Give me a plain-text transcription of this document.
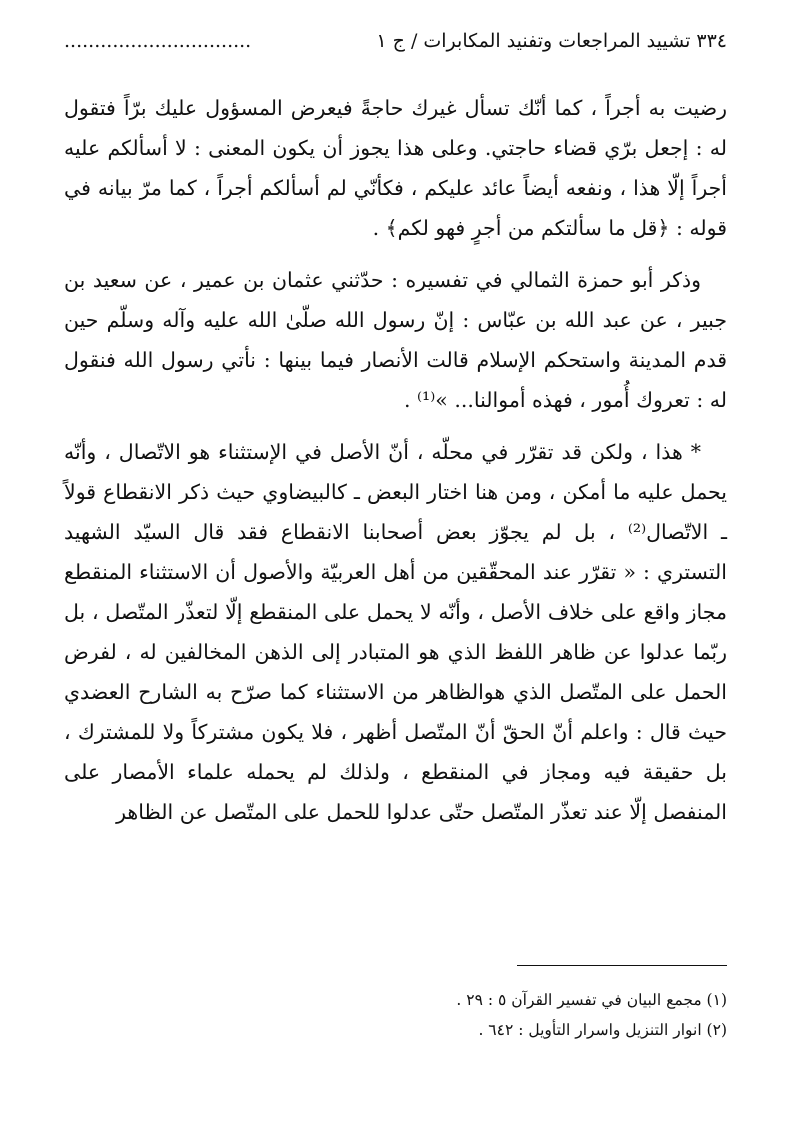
٣٣٤
تشييد المراجعات وتفنيد المكابرات / ج ١
...............................

رضيت به أجراً ، كما أنّك تسأل غيرك حاجةً فيعرض المسؤول عليك برّاً فتقول له : إجعل برّي قضاء حاجتي. وعلى هذا يجوز أن يكون المعنى : لا أسألكم عليه أجراً إلّا هذا ، ونفعه أيضاً عائد عليكم ، فكأنّي لم أسألكم أجراً ، كما مرّ بيانه في قوله : ﴿قل ما سألتكم من أجرٍ فهو لكم﴾ .

وذكر أبو حمزة الثمالي في تفسيره : حدّثني عثمان بن عمير ، عن سعيد بن جبير ، عن عبد الله بن عبّاس : إنّ رسول الله صلّىٰ الله عليه وآله وسلّم حين قدم المدينة واستحكم الإسلام قالت الأنصار فيما بينها : نأتي رسول الله فنقول له : تعروك أُمور ، فهذه أموالنا... »⁽¹⁾ .

* هذا ، ولكن قد تقرّر في محلّه ، أنّ الأصل في الإستثناء هو الاتّصال ، وأنّه يحمل عليه ما أمكن ، ومن هنا اختار البعض ـ كالبيضاوي حيث ذكر الانقطاع قولاً ـ الاتّصال⁽²⁾ ، بل لم يجوّز بعض أصحابنا الانقطاع فقد قال السيّد الشهيد التستري : « تقرّر عند المحقّقين من أهل العربيّة والأصول أن الاستثناء المنقطع مجاز واقع على خلاف الأصل ، وأنّه لا يحمل على المنقطع إلّا لتعذّر المتّصل ، بل ربّما عدلوا عن ظاهر اللفظ الذي هو المتبادر إلى الذهن المخالفين له ، لفرض الحمل على المتّصل الذي هوالظاهر من الاستثناء كما صرّح به الشارح العضدي حيث قال : واعلم أنّ الحقّ أنّ المتّصل أظهر ، فلا يكون مشتركاً ولا للمشترك ، بل حقيقة فيه ومجاز في المنقطع ، ولذلك لم يحمله علماء الأمصار على المنفصل إلّا عند تعذّر المتّصل حتّى عدلوا للحمل على المتّصل عن الظاهر

(١) مجمع البيان في تفسير القرآن ٥ : ٢٩ .
(٢) انوار التنزيل واسرار التأويل : ٦٤٢ .
